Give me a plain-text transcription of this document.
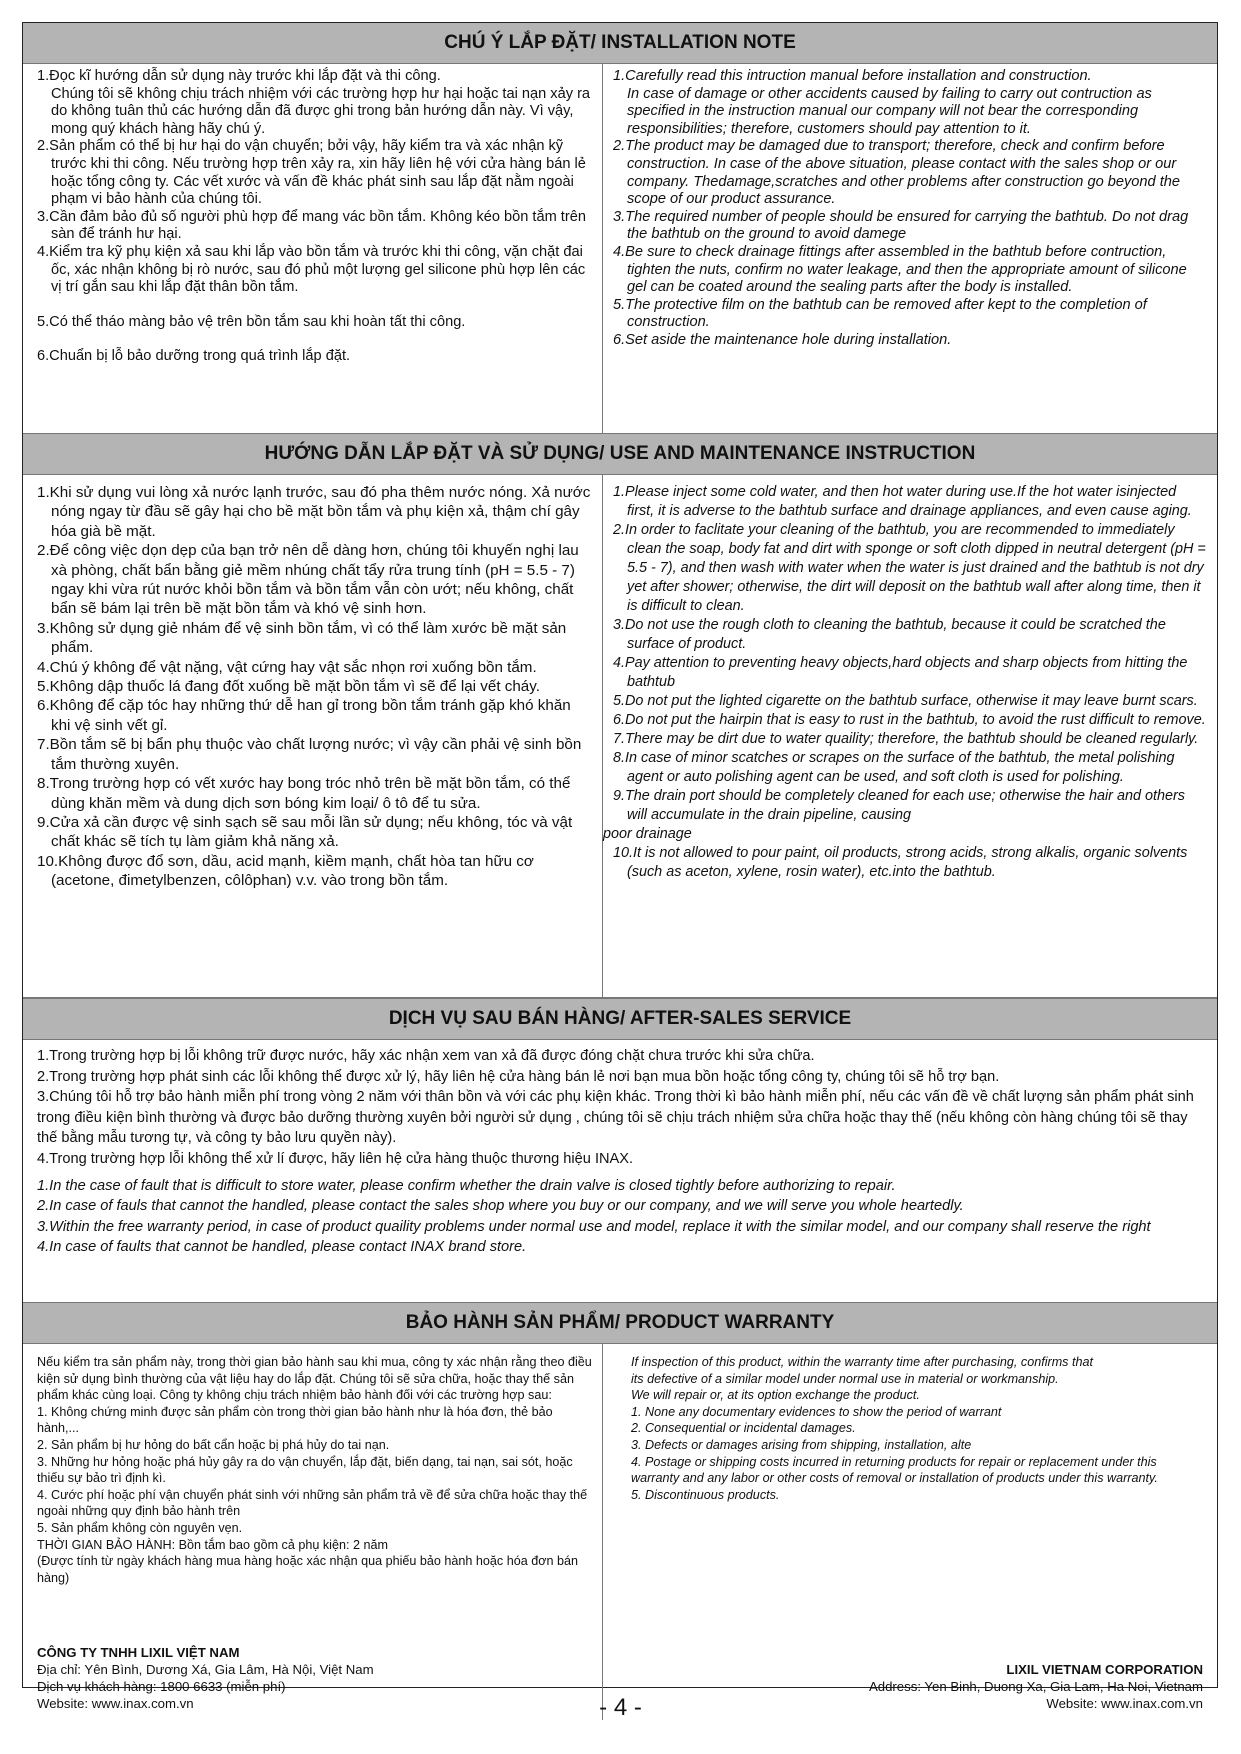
CHÚ Ý LẮP ĐẶT/ INSTALLATION NOTE

1.Đọc kĩ hướng dẫn sử dụng này trước khi lắp đặt và thi công.

Chúng tôi sẽ không chịu trách nhiệm với các trường hợp hư hại hoặc tai nạn xảy ra do không tuân thủ các hướng dẫn đã được ghi trong bản hướng dẫn này. Vì vậy, mong quý khách hàng hãy chú ý.

2.Sản phẩm có thể bị hư hại do vận chuyển; bởi vậy, hãy kiểm tra và xác nhận kỹ trước khi thi công. Nếu trường hợp trên xảy ra, xin hãy liên hệ với cửa hàng bán lẻ hoặc tổng công ty. Các vết xước và vấn đề khác phát sinh sau lắp đặt nằm ngoài phạm vi bảo hành của chúng tôi.

3.Cần đảm bảo đủ số người phù hợp để mang vác bồn tắm. Không kéo bồn tắm trên sàn để tránh hư hại.

4.Kiểm tra kỹ phụ kiện xả sau khi lắp vào bồn tắm và trước khi thi công, vặn chặt đai ốc, xác nhận không bị rò nước, sau đó phủ một lượng gel silicone phù hợp lên các vị trí gắn sau khi lắp đặt thân bồn tắm.

5.Có thể tháo màng bảo vệ trên bồn tắm sau khi hoàn tất thi công.

6.Chuẩn bị lỗ bảo dưỡng trong quá trình lắp đặt.

1.Carefully read this intruction manual before installation and construction.

In case of damage or other accidents caused by failing to carry out contruction as specified in the instruction manual our company will not bear the corresponding responsibilities; therefore, customers should pay attention to it.

2.The product may be damaged due to transport; therefore, check and confirm before construction. In case of the above situation, please contact with the sales shop or our company. Thedamage,scratches and other problems after construction go beyond the scope of our product assurance.

3.The required number of people should be ensured for carrying the bathtub. Do not drag the bathtub on the ground to avoid damege

4.Be sure to check drainage fittings after assembled in the bathtub before contruction, tighten the nuts, confirm no water leakage, and then the appropriate amount of silicone gel can be coated around the sealing parts after the body is installed.

5.The protective film on the bathtub can be removed after kept to the completion of construction.

6.Set aside the maintenance hole during installation.

HƯỚNG DẪN LẮP ĐẶT VÀ SỬ DỤNG/ USE AND MAINTENANCE INSTRUCTION

1.Khi sử dụng vui lòng xả nước lạnh trước, sau đó pha thêm nước nóng. Xả nước nóng ngay từ đầu sẽ gây hại cho bề mặt bồn tắm và phụ kiện xả, thậm chí gây hóa già bề mặt.

2.Để công việc dọn dẹp của bạn trở nên dễ dàng hơn, chúng tôi khuyến nghị lau xà phòng, chất bẩn bằng giẻ mềm nhúng chất tẩy rửa trung tính (pH = 5.5 - 7) ngay khi vừa rút nước khỏi bồn tắm và bồn tắm vẫn còn ướt; nếu không, chất bẩn sẽ bám lại trên bề mặt bồn tắm và khó vệ sinh hơn.

3.Không sử dụng giẻ nhám để vệ sinh bồn tắm, vì có thể làm xước bề mặt sản phẩm.

4.Chú ý không để vật nặng, vật cứng hay vật sắc nhọn rơi xuống bồn tắm.

5.Không dập thuốc lá đang đốt xuống bề mặt bồn tắm vì sẽ để lại vết cháy.

6.Không để cặp tóc hay những thứ dễ han gỉ trong bồn tắm tránh gặp khó khăn khi vệ sinh vết gỉ.

7.Bồn tắm sẽ bị bẩn phụ thuộc vào chất lượng nước; vì vậy cần phải vệ sinh bồn tắm thường xuyên.

8.Trong trường hợp có vết xước hay bong tróc nhỏ trên bề mặt bồn tắm, có thể dùng khăn mềm và dung dịch sơn bóng kim loại/ ô tô để tu sửa.

9.Cửa xả cần được vệ sinh sạch sẽ sau mỗi lần sử dụng; nếu không, tóc và vật chất khác sẽ tích tụ làm giảm khả năng xả.

10.Không được đổ sơn, dầu, acid mạnh, kiềm mạnh, chất hòa tan hữu cơ (acetone, đimetylbenzen, côlôphan) v.v. vào trong bồn tắm.

1.Please inject some cold water, and then hot water during use.If the hot water isinjected first, it is adverse to the bathtub surface and drainage appliances, and even cause aging.

2.In order to faclitate your cleaning of the bathtub, you are recommended to immediately clean the soap, body fat and dirt with sponge or soft cloth dipped in neutral detergent (pH = 5.5 - 7), and then wash with water when the water is just drained and the bathtub is not dry yet after shower; otherwise, the dirt will deposit on the bathtub wall after along time, then it is difficult to clean.

3.Do not use the rough cloth to cleaning the bathtub, because it could be scratched the surface of product.

4.Pay attention to preventing heavy objects,hard objects and sharp objects from hitting the bathtub

5.Do not put the lighted cigarette on the bathtub surface, otherwise it may leave burnt scars.

6.Do not put the hairpin that is easy to rust in the bathtub, to avoid the rust difficult to remove.

7.There may be dirt due to water quaility; therefore, the bathtub should be cleaned regularly.

8.In case of minor scatches or scrapes on the surface of the bathtub, the metal polishing agent or auto polishing agent can be used, and soft cloth is used for polishing.

9.The drain port should be completely cleaned for each use; otherwise the hair and others will accumulate in the drain pipeline, causing

poor drainage

10.It is not allowed to pour paint, oil products, strong acids, strong alkalis, organic solvents (such as aceton, xylene, rosin water), etc.into the bathtub.

DỊCH VỤ SAU BÁN HÀNG/ AFTER-SALES SERVICE

1.Trong trường hợp bị lỗi không trữ được nước, hãy xác nhận xem van xả đã được đóng chặt chưa trước khi sửa chữa.

2.Trong trường hợp phát sinh các lỗi không thể được xử lý, hãy liên hệ cửa hàng bán lẻ nơi bạn mua bồn hoặc tổng công ty, chúng tôi sẽ hỗ trợ bạn.

3.Chúng tôi hỗ trợ bảo hành miễn phí trong vòng 2 năm với thân bồn và với các phụ kiện khác. Trong thời kì bảo hành miễn phí, nếu các vấn đề về chất lượng sản phẩm phát sinh trong điều kiện bình thường và được bảo dưỡng thường xuyên bởi người sử dụng , chúng tôi sẽ chịu trách nhiệm sửa chữa hoặc thay thế (nếu không còn hàng chúng tôi sẽ thay thế bằng mẫu tương tự, và công ty bảo lưu quyền này).

4.Trong trường hợp lỗi không thể xử lí được, hãy liên hệ cửa hàng thuộc thương hiệu INAX.

1.In the case of fault that is difficult to store water, please confirm whether the drain valve is closed tightly before authorizing to repair.

2.In case of fauls that cannot the handled, please contact the sales shop where you buy or our company, and we will serve you whole heartedly.

3.Within the free warranty period, in case of product quaility problems under normal use and model, replace it with the similar model, and our company shall reserve the right

4.In case of faults that cannot be handled, please contact INAX brand store.

BẢO HÀNH SẢN PHẨM/ PRODUCT WARRANTY

Nếu kiểm tra sản phẩm này, trong thời gian bảo hành sau khi mua, công ty xác nhận rằng theo điều kiện sử dụng bình thường của vật liệu hay do lắp đặt. Chúng tôi sẽ sửa chữa, hoặc thay thế sản phẩm khác cùng loại. Công ty không chịu trách nhiệm bảo hành đối với các trường hợp sau:

1. Không chứng minh được sản phẩm còn trong thời gian bảo hành như là hóa đơn, thẻ bảo hành,...

2. Sản phẩm bị hư hỏng do bất cẩn hoặc bị phá hủy do tai nạn.

3. Những hư hỏng hoặc phá hủy gây ra do vận chuyển, lắp đặt, biến dạng, tai nạn, sai sót, hoặc thiếu sự bảo trì định kì.

4. Cước phí hoặc phí vận chuyển phát sinh với những sản phẩm trả về để sửa chữa hoặc thay thế ngoài những quy định bảo hành trên

5. Sản phẩm không còn nguyên vẹn.

THỜI GIAN BẢO HÀNH: Bồn tắm bao gồm cả phụ kiện: 2 năm

(Được tính từ ngày khách hàng mua hàng hoặc xác nhận qua phiếu bảo hành hoặc hóa đơn bán hàng)

CÔNG TY TNHH LIXIL VIỆT NAM
Địa chỉ: Yên Bình, Dương Xá, Gia Lâm, Hà Nội, Việt Nam
Dịch vụ khách hàng: 1800 6633 (miễn phí)
Website: www.inax.com.vn

If inspection of this product, within the warranty time after purchasing, confirms that

its defective of a similar model under normal use in material or workmanship.

We will repair or, at its option exchange the product.

1. None any documentary evidences to show the period of warrant

2. Consequential or incidental damages.

3. Defects or damages arising from shipping, installation, alte

4. Postage or shipping costs incurred in returning products for repair or replacement under this warranty and any labor or other costs of removal or installation of products under this warranty.

5. Discontinuous products.

LIXIL VIETNAM CORPORATION
Address: Yen Binh, Duong Xa, Gia Lam, Ha Noi, Vietnam
Website: www.inax.com.vn
- 4 -
